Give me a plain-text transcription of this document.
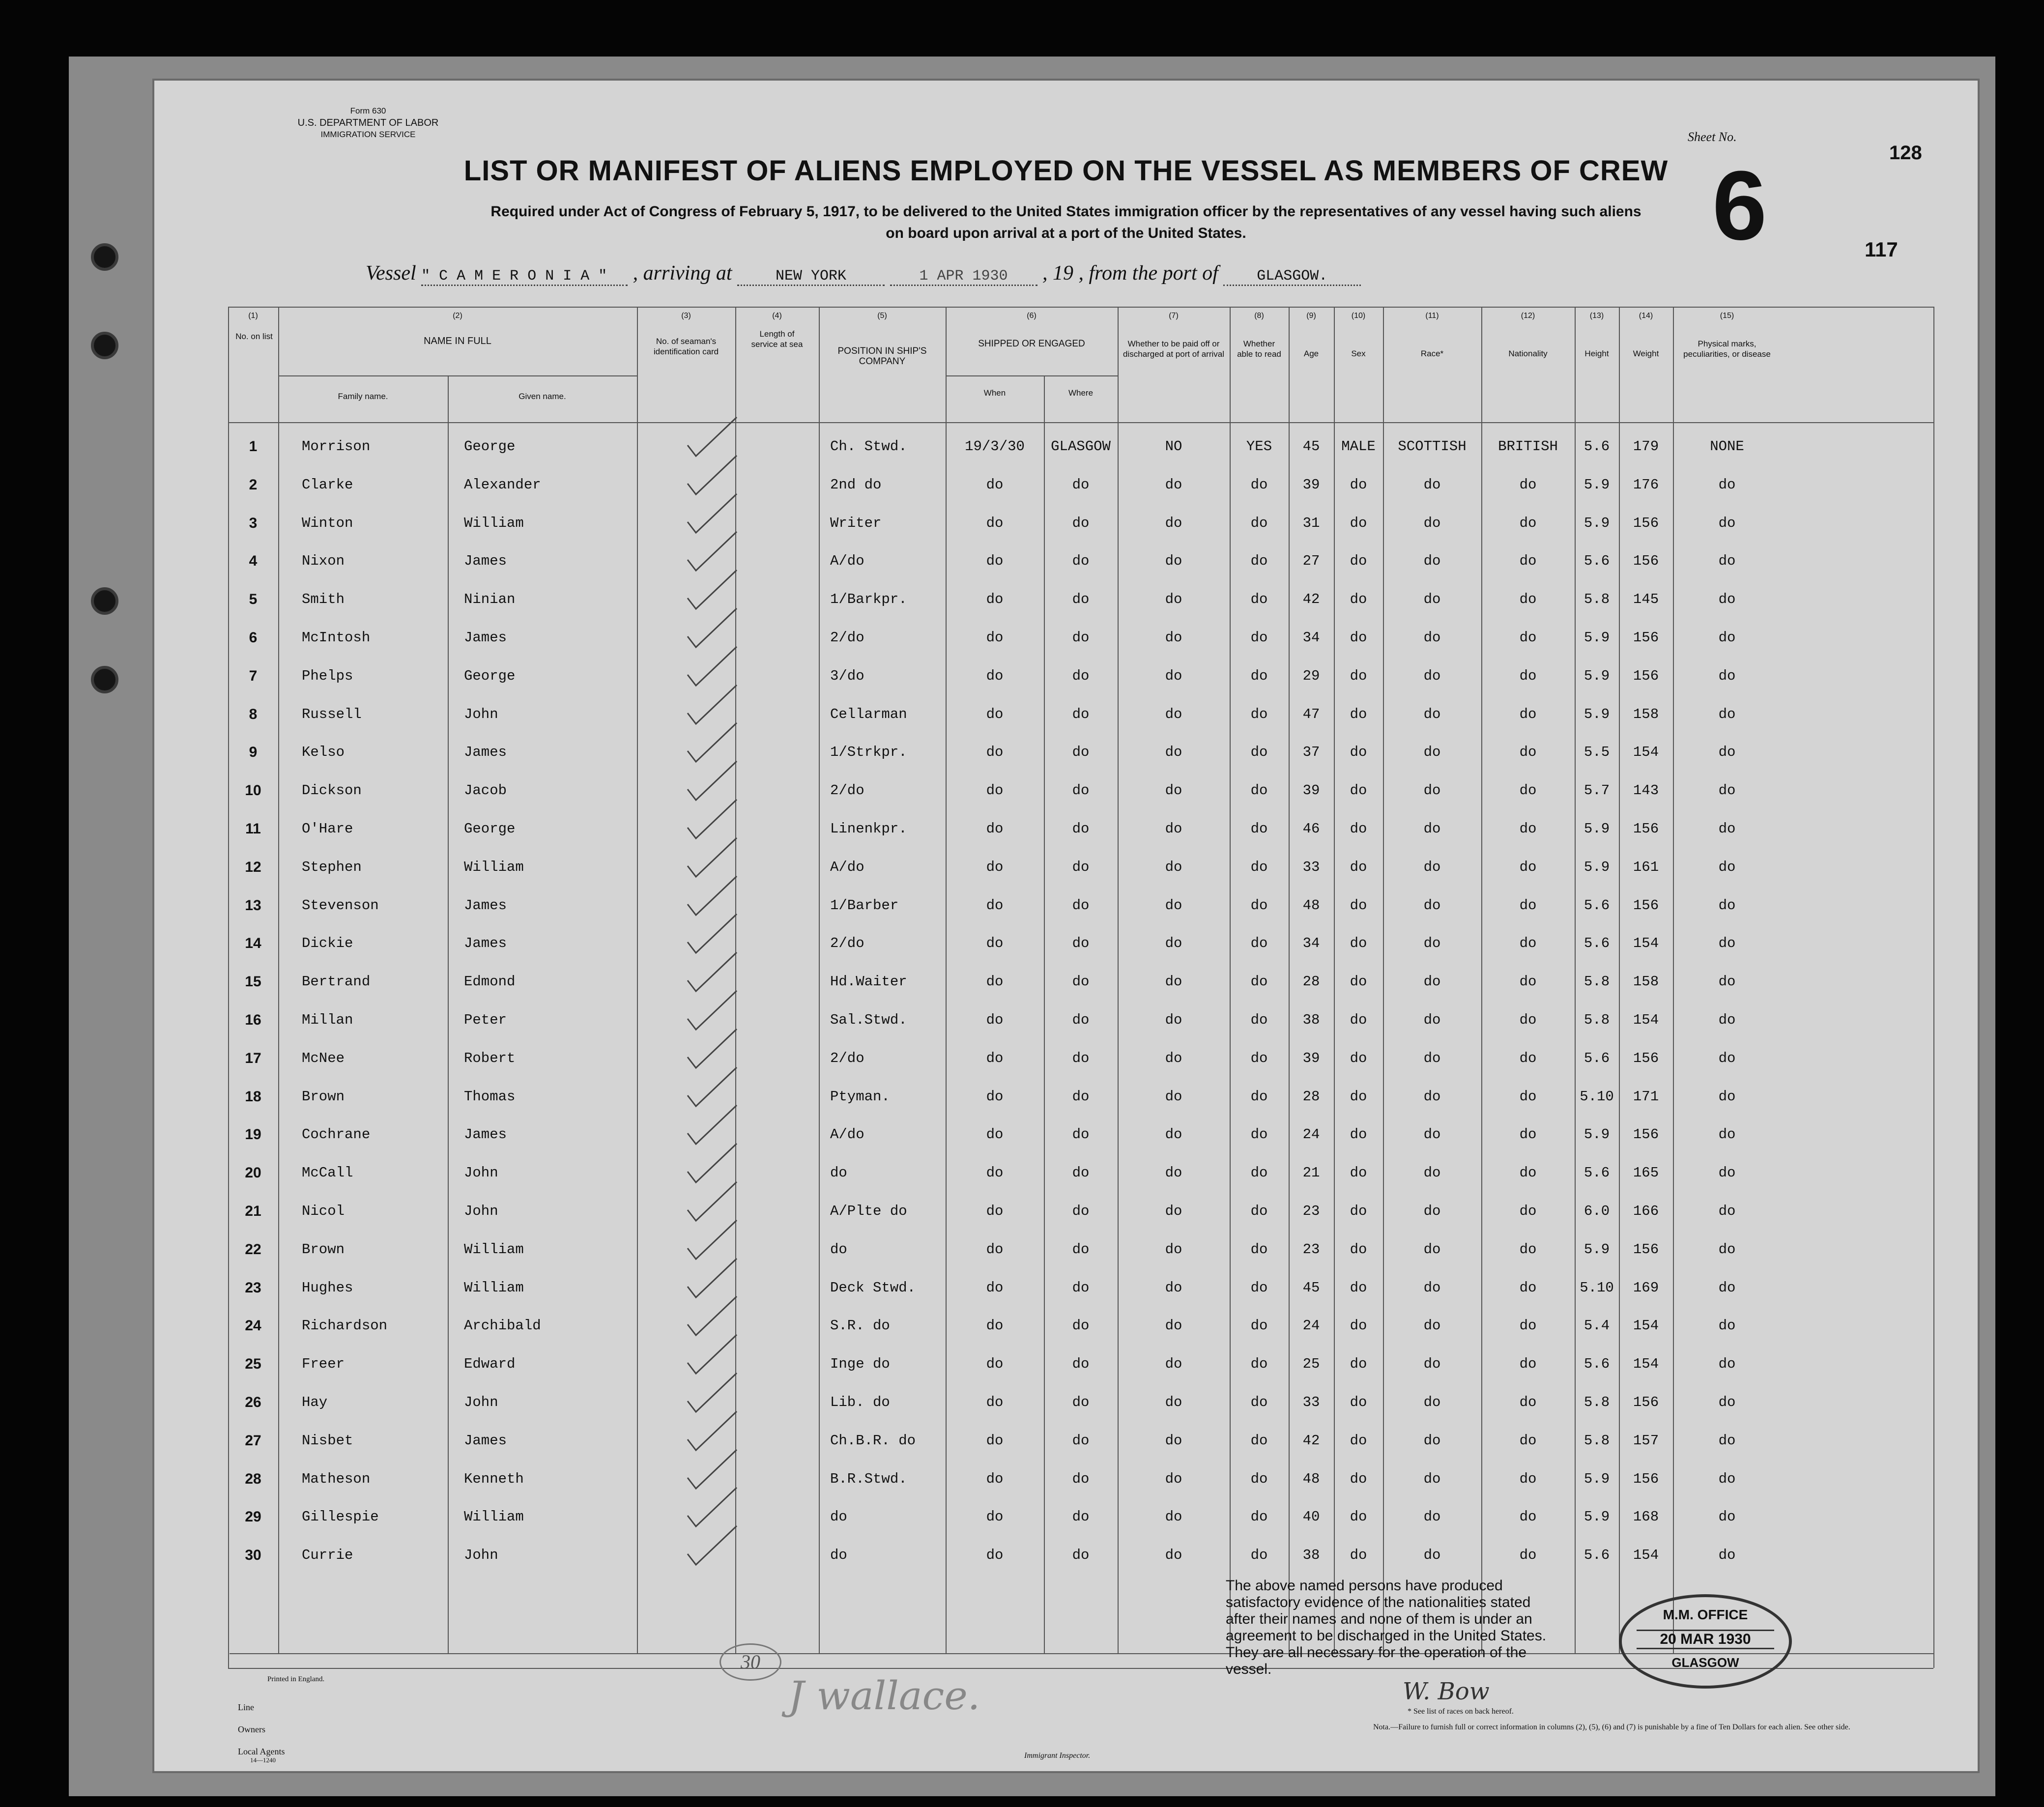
Form 630
U.S. DEPARTMENT OF LABOR
IMMIGRATION SERVICE	Sheet No.
6	128
117
LIST OR MANIFEST OF ALIENS EMPLOYED ON THE VESSEL AS MEMBERS OF CREW
Required under Act of Congress of February 5, 1917, to be delivered to the United States immigration officer by the representatives of any vessel having such aliens
on board upon arrival at a port of the United States.
Vessel " C A M E R O N I A " , arriving at	NEW YORK	1 APR 1930 , 19 , from the port of	GLASGOW.
(1)	(2)	(3)	(4)	(5)	(6)	(7)	(8)	(9)	(10)	(11)	(12)	(13)	(14)	(15)
No. on list	NAME IN FULL
Family name.	Given name.
No. of seaman's identification card
Length of service at sea
POSITION IN SHIP'S COMPANY
SHIPPED OR ENGAGED
When	Where
Whether to be paid off or discharged at port of arrival
Whether able to read	Age	Sex	Race*	Nationality	Height	Weight
Physical marks, peculiarities, or disease
1	Morrison	George	Ch. Stwd.	19/3/30	GLASGOW	NO	YES	45	MALE	SCOTTISH	BRITISH	5.6	179	NONE
2	Clarke	Alexander	2nd do	do	do	do	do	39	do	do	do	5.9	176	do
3	Winton	William	Writer	do	do	do	do	31	do	do	do	5.9	156	do
4	Nixon	James	A/do	do	do	do	do	27	do	do	do	5.6	156	do
5	Smith	Ninian	1/Barkpr.	do	do	do	do	42	do	do	do	5.8	145	do
6	McIntosh	James	2/do	do	do	do	do	34	do	do	do	5.9	156	do
7	Phelps	George	3/do	do	do	do	do	29	do	do	do	5.9	156	do
8	Russell	John	Cellarman	do	do	do	do	47	do	do	do	5.9	158	do
9	Kelso	James	1/Strkpr.	do	do	do	do	37	do	do	do	5.5	154	do
10	Dickson	Jacob	2/do	do	do	do	do	39	do	do	do	5.7	143	do
11	O'Hare	George	Linenkpr.	do	do	do	do	46	do	do	do	5.9	156	do
12	Stephen	William	A/do	do	do	do	do	33	do	do	do	5.9	161	do
13	Stevenson	James	1/Barber	do	do	do	do	48	do	do	do	5.6	156	do
14	Dickie	James	2/do	do	do	do	do	34	do	do	do	5.6	154	do
15	Bertrand	Edmond	Hd.Waiter	do	do	do	do	28	do	do	do	5.8	158	do
16	Millan	Peter	Sal.Stwd.	do	do	do	do	38	do	do	do	5.8	154	do
17	McNee	Robert	2/do	do	do	do	do	39	do	do	do	5.6	156	do
18	Brown	Thomas	Ptyman.	do	do	do	do	28	do	do	do	5.10	171	do
19	Cochrane	James	A/do	do	do	do	do	24	do	do	do	5.9	156	do
20	McCall	John	do	do	do	do	do	21	do	do	do	5.6	165	do
21	Nicol	John	A/Plte do	do	do	do	do	23	do	do	do	6.0	166	do
22	Brown	William	do	do	do	do	do	23	do	do	do	5.9	156	do
23	Hughes	William	Deck Stwd.	do	do	do	do	45	do	do	do	5.10	169	do
24	Richardson	Archibald	S.R. do	do	do	do	do	24	do	do	do	5.4	154	do
25	Freer	Edward	Inge do	do	do	do	do	25	do	do	do	5.6	154	do
26	Hay	John	Lib. do	do	do	do	do	33	do	do	do	5.8	156	do
27	Nisbet	James	Ch.B.R. do	do	do	do	do	42	do	do	do	5.8	157	do
28	Matheson	Kenneth	B.R.Stwd.	do	do	do	do	48	do	do	do	5.9	156	do
29	Gillespie	William	do	do	do	do	do	40	do	do	do	5.9	168	do
30	Currie	John	do	do	do	do	do	38	do	do	do	5.6	154	do
The above named persons have produced satisfactory evidence of the nationalities stated after their names and none of them is under an agreement to be discharged in the United States. They are all necessary for the operation of the vessel.
M.M. OFFICE
20 MAR 1930
GLASGOW
W. Bow
* See list of races on back hereof.
Nota.—Failure to furnish full or correct information in columns (2), (5), (6) and (7) is punishable by a fine of Ten Dollars for each alien. See other side.
Printed in England.
Line
Owners
Local Agents
14—1240
30
J wallace.
Immigrant Inspector.
